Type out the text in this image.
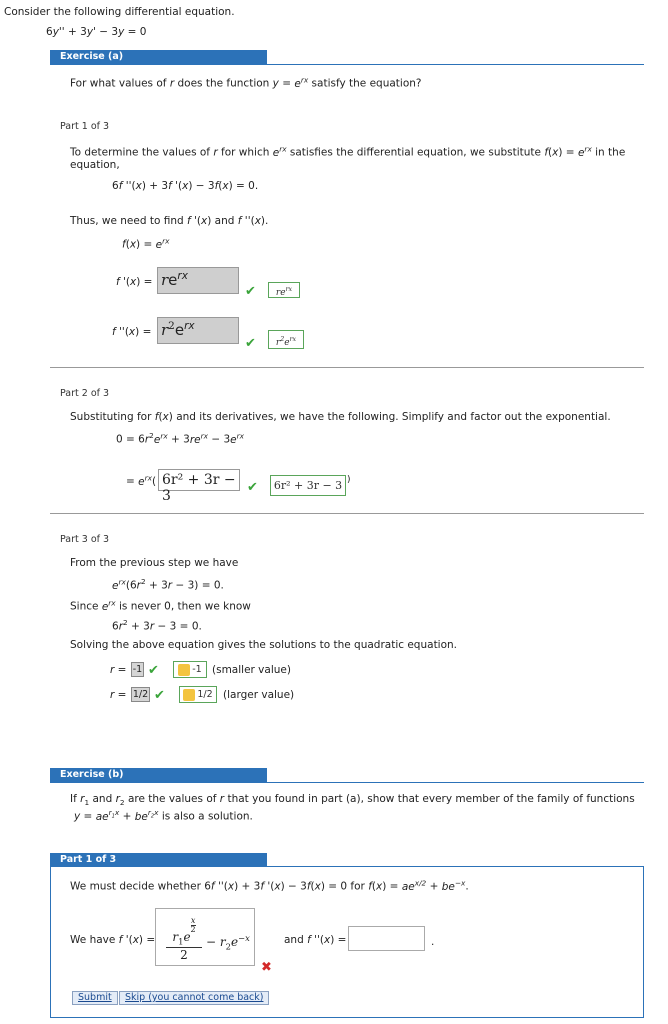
Consider the following differential equation.
6y'' + 3y' − 3y = 0
Exercise (a)
For what values of r does the function $y = e^{rx}$ satisfy the equation?
Part 1 of 3
To determine the values of r for which $e^{rx}$ satisfies the differential equation, we substitute $f(x) = e^{rx}$ in the
equation,
6f ''(x) + 3f '(x) − 3f(x) = 0.
Thus, we need to find f '(x) and f ''(x).
$f(x) = e^{rx}$
f '$(x) = re^{rx}$
✔	$re^{rx}$
f ''$(x) = r^2e^{rx}$
✔	$r^2e^{rx}$
Part 2 of 3
Substituting for f(x) and its derivatives, we have the following. Simplify and factor out the exponential.
$0 = 6r^2e^{rx} + 3re^{rx} - 3e^{rx}$
= $e^{rx}$( 6r² + 3r − 3
✔	6r² + 3r − 3 )
Part 3 of 3
From the previous step we have
$e^{rx}(6r^2 + 3r - 3) = 0$.
Since $e^{rx}$ is never 0, then we know
$6r^2 + 3r - 3 = 0$.
Solving the above equation gives the solutions to the quadratic equation.
r = -1 ✔	-1 (smaller value)
r = 1/2 ✔	1/2 (larger value)
Exercise (b)
If $r_1$ and $r_2$ are the values of r that you found in part (a), show that every member of the family of functions
$y = ae^{r_1x} + be^{r_2x}$ is also a solution.
Part 1 of 3
We must decide whether 6f ''(x) + 3f '(x) − 3f(x) = 0 for $f(x) = ae^{x/2} + be^{-x}$.
We have f '(x) =	$r_1e$
$^{\frac{x}{2}}$
2
− $r_2e^{-x}$
✖
and f ''(x) =	.
Submit	Skip (you cannot come back)
